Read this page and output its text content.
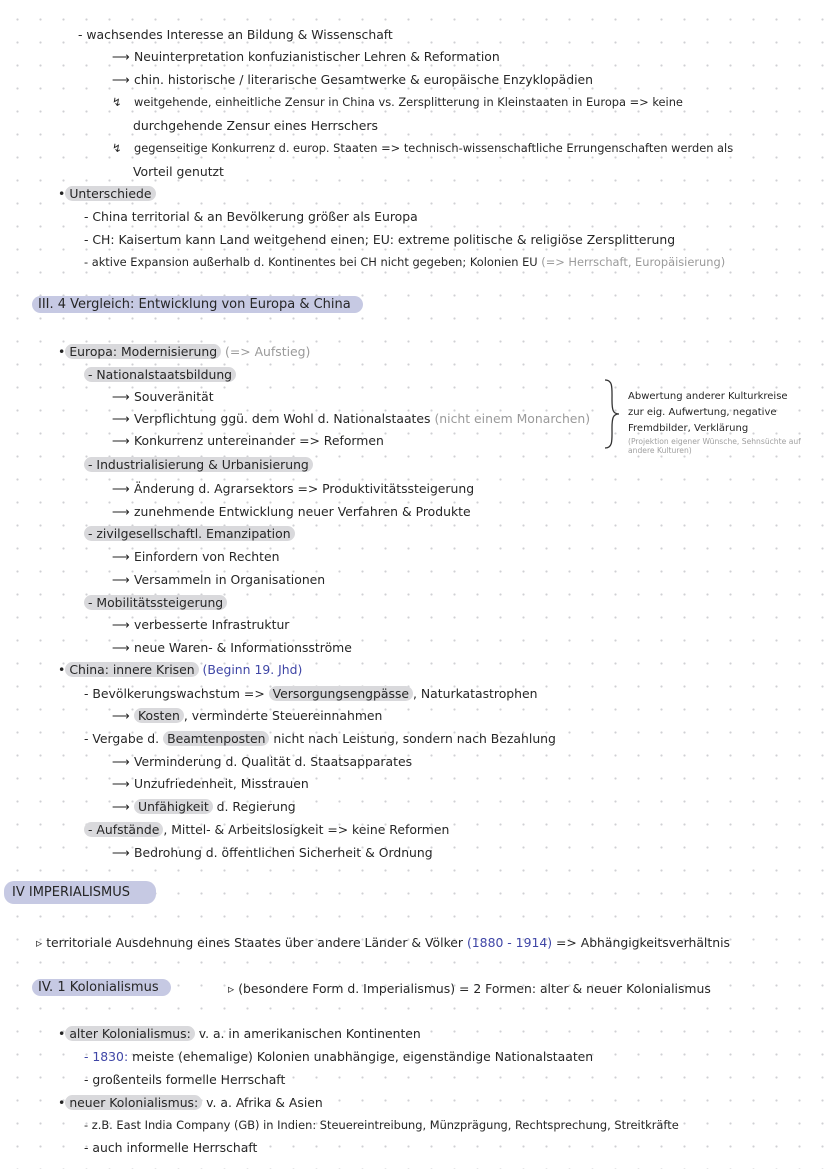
- wachsendes Interesse an Bildung & Wissenschaft
⟶ Neuinterpretation konfuzianistischer Lehren & Reformation
⟶ chin. historische / literarische Gesamtwerke & europäische Enzyklopädien
↯ weitgehende, einheitliche Zensur in China vs. Zersplitterung in Kleinstaaten in Europa => keine
durchgehende Zensur eines Herrschers
↯ gegenseitige Konkurrenz d. europ. Staaten => technisch-wissenschaftliche Errungenschaften werden als
Vorteil genutzt
• Unterschiede
- China territorial & an Bevölkerung größer als Europa
- CH: Kaisertum kann Land weitgehend einen; EU: extreme politische & religiöse Zersplitterung
- aktive Expansion außerhalb d. Kontinentes bei CH nicht gegeben; Kolonien EU (=> Herrschaft, Europäisierung)
III. 4 Vergleich: Entwicklung von Europa & China
• Europa: Modernisierung (=> Aufstieg)
- Nationalstaatsbildung
⟶ Souveränität
⟶ Verpflichtung ggü. dem Wohl d. Nationalstaates (nicht einem Monarchen)
⟶ Konkurrenz untereinander => Reformen
Abwertung anderer Kulturkreise
zur eig. Aufwertung, negative
Fremdbilder, Verklärung
(Projektion eigener Wünsche, Sehnsüchte auf
andere Kulturen)
- Industrialisierung & Urbanisierung
⟶ Änderung d. Agrarsektors => Produktivitätssteigerung
⟶ zunehmende Entwicklung neuer Verfahren & Produkte
- zivilgesellschaftl. Emanzipation
⟶ Einfordern von Rechten
⟶ Versammeln in Organisationen
- Mobilitätssteigerung
⟶ verbesserte Infrastruktur
⟶ neue Waren- & Informationsströme
• China: innere Krisen (Beginn 19. Jhd)
- Bevölkerungswachstum => Versorgungsengpässe , Naturkatastrophen
⟶ Kosten , verminderte Steuereinnahmen
- Vergabe d. Beamtenposten nicht nach Leistung, sondern nach Bezahlung
⟶ Verminderung d. Qualität d. Staatsapparates
⟶ Unzufriedenheit, Misstrauen
⟶ Unfähigkeit d. Regierung
- Aufstände , Mittel- & Arbeitslosigkeit => keine Reformen
⟶ Bedrohung d. öffentlichen Sicherheit & Ordnung
IV IMPERIALISMUS
▹ territoriale Ausdehnung eines Staates über andere Länder & Völker (1880 - 1914) => Abhängigkeitsverhältnis
IV. 1 Kolonialismus	▹ (besondere Form d. Imperialismus) = 2 Formen: alter & neuer Kolonialismus
• alter Kolonialismus: v. a. in amerikanischen Kontinenten
- 1830: meiste (ehemalige) Kolonien unabhängige, eigenständige Nationalstaaten
- großenteils formelle Herrschaft
• neuer Kolonialismus: v. a. Afrika & Asien
- z.B. East India Company (GB) in Indien: Steuereintreibung, Münzprägung, Rechtsprechung, Streitkräfte
- auch informelle Herrschaft
